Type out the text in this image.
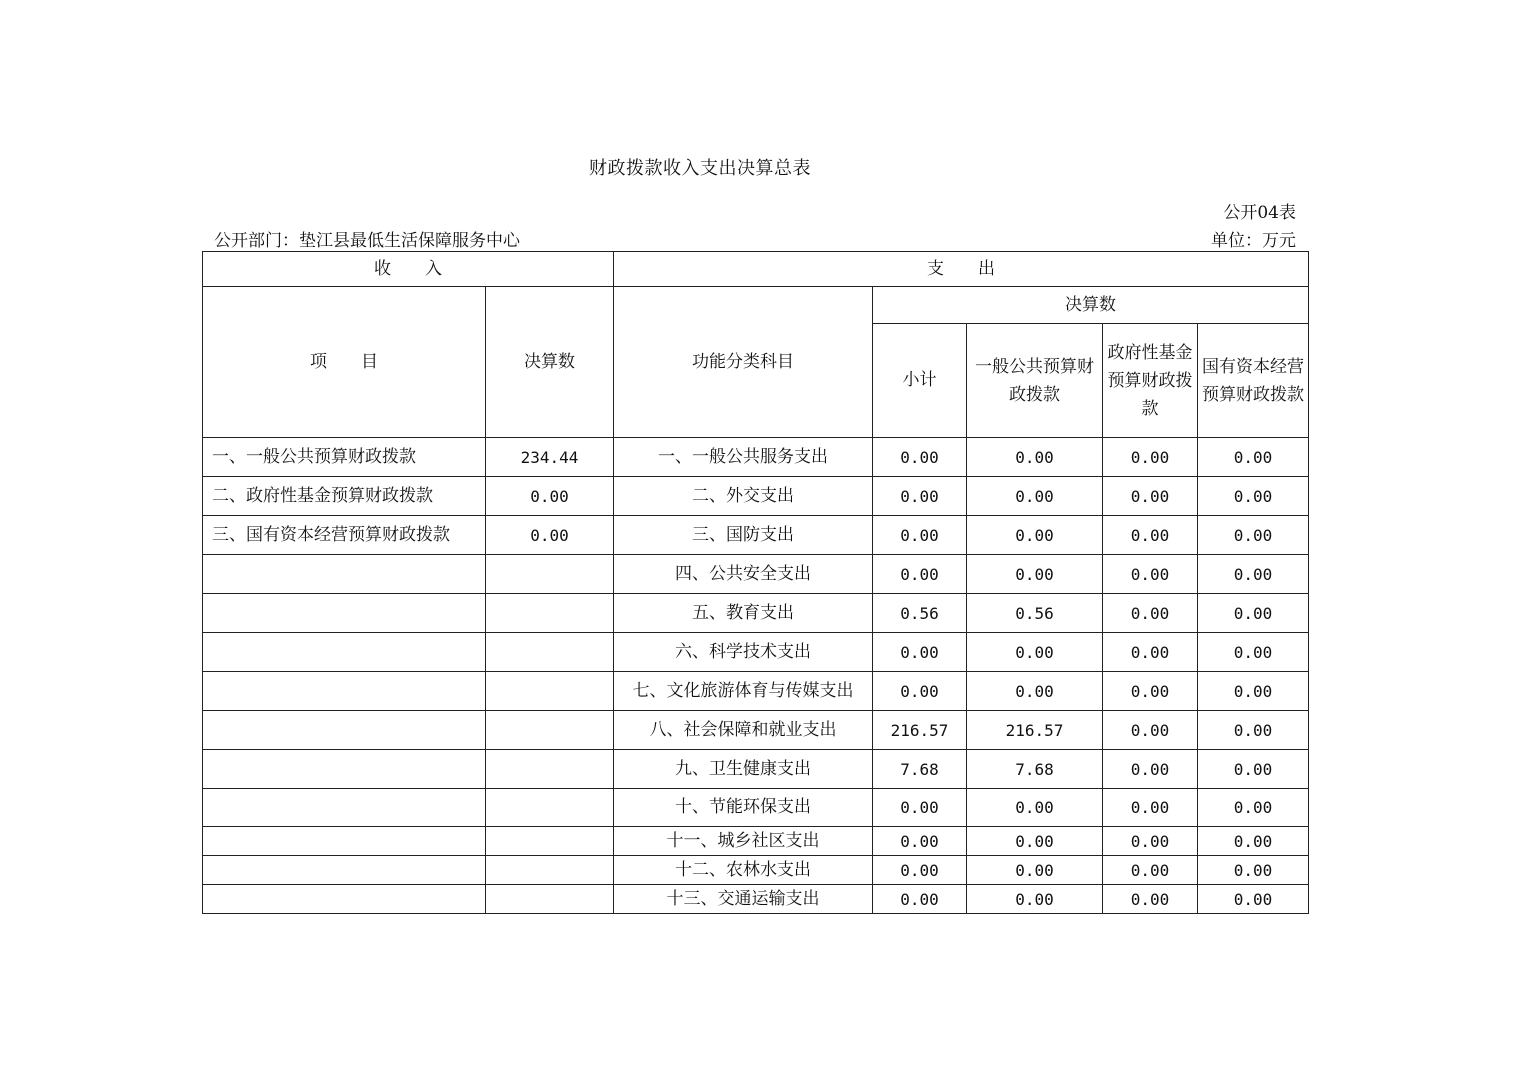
财政拨款收入支出决算总表
公开04表
公开部门：垫江县最低生活保障服务中心	单位：万元
收　　入		支　　出				
项　　目	决算数	功能分类科目	决算数			
			小计	一般公共预算财政拨款	政府性基金预算财政拨款	国有资本经营预算财政拨款
一、一般公共预算财政拨款	234.44	一、一般公共服务支出	0.00	0.00	0.00	0.00
二、政府性基金预算财政拨款	0.00	二、外交支出	0.00	0.00	0.00	0.00
三、国有资本经营预算财政拨款	0.00	三、国防支出	0.00	0.00	0.00	0.00
		四、公共安全支出	0.00	0.00	0.00	0.00
		五、教育支出	0.56	0.56	0.00	0.00
		六、科学技术支出	0.00	0.00	0.00	0.00
		七、文化旅游体育与传媒支出	0.00	0.00	0.00	0.00
		八、社会保障和就业支出	216.57	216.57	0.00	0.00
		九、卫生健康支出	7.68	7.68	0.00	0.00
		十、节能环保支出	0.00	0.00	0.00	0.00
		十一、城乡社区支出	0.00	0.00	0.00	0.00
		十二、农林水支出	0.00	0.00	0.00	0.00
		十三、交通运输支出	0.00	0.00	0.00	0.00
